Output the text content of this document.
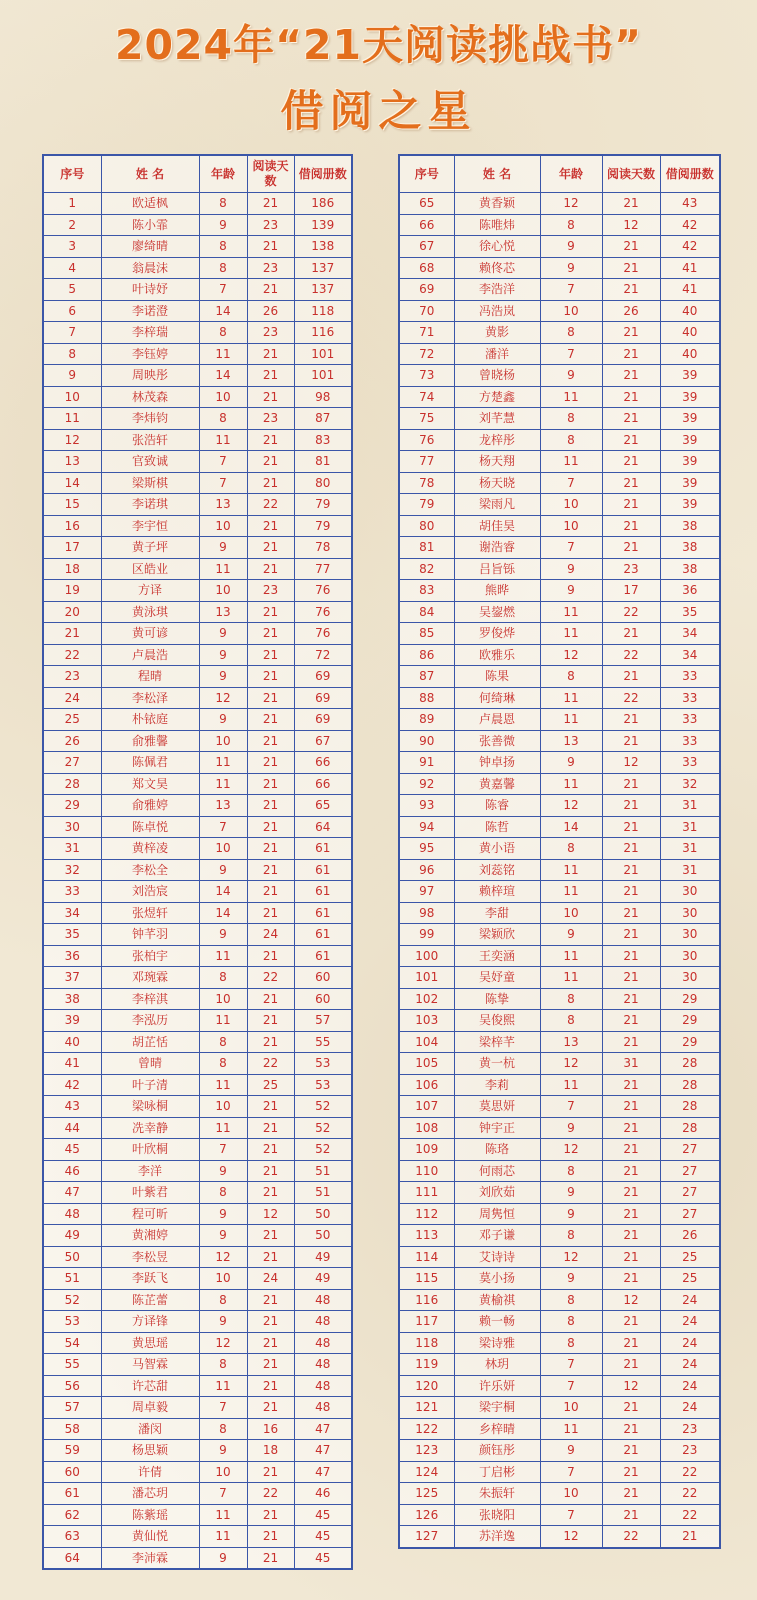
2024年“21天阅读挑战书”
借阅之星
序号	姓 名	年龄	阅读天数	借阅册数
1	欧适枫	8	21	186
2	陈小霏	9	23	139
3	廖绮晴	8	21	138
4	翁晨沫	8	23	137
5	叶诗妤	7	21	137
6	李诺澄	14	26	118
7	李梓瑞	8	23	116
8	李钰婷	11	21	101
9	周映彤	14	21	101
10	林茂森	10	21	98
11	李炜钧	8	23	87
12	张浩轩	11	21	83
13	官致诚	7	21	81
14	梁斯棋	7	21	80
15	李诺琪	13	22	79
16	李宇恒	10	21	79
17	黄子坪	9	21	78
18	区皓业	11	21	77
19	方译	10	23	76
20	黄泳琪	13	21	76
21	黄可谚	9	21	76
22	卢晨浩	9	21	72
23	程晴	9	21	69
24	李松泽	12	21	69
25	朴铱庭	9	21	69
26	俞雅馨	10	21	67
27	陈佩君	11	21	66
28	郑文昊	11	21	66
29	俞雅婷	13	21	65
30	陈卓悦	7	21	64
31	黄梓凌	10	21	61
32	李松全	9	21	61
33	刘浩宸	14	21	61
34	张煜轩	14	21	61
35	钟芊羽	9	24	61
36	张柏宇	11	21	61
37	邓琬霖	8	22	60
38	李梓淇	10	21	60
39	李泓历	11	21	57
40	胡芷恬	8	21	55
41	曾晴	8	22	53
42	叶子清	11	25	53
43	梁咏桐	10	21	52
44	冼幸静	11	21	52
45	叶欣桐	7	21	52
46	李洋	9	21	51
47	叶紫君	8	21	51
48	程可昕	9	12	50
49	黄湘婷	9	21	50
50	李松昱	12	21	49
51	李跃飞	10	24	49
52	陈芷蕾	8	21	48
53	方译锋	9	21	48
54	黄思瑶	12	21	48
55	马智霖	8	21	48
56	许芯甜	11	21	48
57	周卓毅	7	21	48
58	潘闵	8	16	47
59	杨思颖	9	18	47
60	许倩	10	21	47
61	潘芯玥	7	22	46
62	陈紫瑶	11	21	45
63	黄仙悦	11	21	45
64	李沛霖	9	21	45
序号	姓 名	年龄	阅读天数	借阅册数
65	黄香颖	12	21	43
66	陈唯炜	8	12	42
67	徐心悦	9	21	42
68	赖佟芯	9	21	41
69	李浩洋	7	21	41
70	冯浩岚	10	26	40
71	黄影	8	21	40
72	潘洋	7	21	40
73	曾晓杨	9	21	39
74	方楚鑫	11	21	39
75	刘芊慧	8	21	39
76	龙梓彤	8	21	39
77	杨天翔	11	21	39
78	杨天晓	7	21	39
79	梁雨凡	10	21	39
80	胡佳昊	10	21	38
81	谢浩睿	7	21	38
82	吕旨铄	9	23	38
83	熊晔	9	17	36
84	吴鋆燃	11	22	35
85	罗俊烨	11	21	34
86	欧雅乐	12	22	34
87	陈果	8	21	33
88	何绮琳	11	22	33
89	卢晨恩	11	21	33
90	张善微	13	21	33
91	钟卓扬	9	12	33
92	黄嘉馨	11	21	32
93	陈睿	12	21	31
94	陈哲	14	21	31
95	黄小语	8	21	31
96	刘蕊铭	11	21	31
97	赖梓瑄	11	21	30
98	李甜	10	21	30
99	梁颖欣	9	21	30
100	王奕涵	11	21	30
101	吴妤童	11	21	30
102	陈挚	8	21	29
103	吴俊熙	8	21	29
104	梁梓芊	13	21	29
105	黄一杭	12	31	28
106	李莉	11	21	28
107	莫思妍	7	21	28
108	钟宇正	9	21	28
109	陈珞	12	21	27
110	何雨芯	8	21	27
111	刘欣茹	9	21	27
112	周隽恒	9	21	27
113	邓子谦	8	21	26
114	艾诗诗	12	21	25
115	莫小扬	9	21	25
116	黄榆祺	8	12	24
117	赖一畅	8	21	24
118	梁诗雅	8	21	24
119	林玥	7	21	24
120	许乐妍	7	12	24
121	梁宇桐	10	21	24
122	乡梓晴	11	21	23
123	颜钰彤	9	21	23
124	丁启彬	7	21	22
125	朱振轩	10	21	22
126	张晓阳	7	21	22
127	苏洋逸	12	22	21
